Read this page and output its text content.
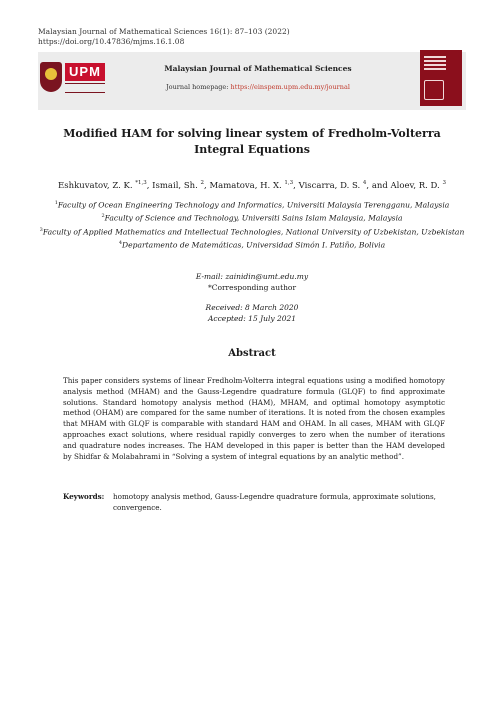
Malaysian Journal of Mathematical Sciences 16(1): 87–103 (2022)
https://doi.org/10.47836/mjms.16.1.08
UPM	Malaysian Journal of Mathematical Sciences
Journal homepage: https://einspem.upm.edu.my/journal
Modified HAM for solving linear system of Fredholm-Volterra Integral Equations
Eshkuvatov, Z. K. $^{*1,3}$, Ismail, Sh. $^2$, Mamatova, H. X. $^{1,3}$, Viscarra, D. S. $^4$, and Aloev, R. D. $^3$
$^1$Faculty of Ocean Engineering Technology and Informatics, Universiti Malaysia Terengganu, Malaysia
$^2$Faculty of Science and Technology, Universiti Sains Islam Malaysia, Malaysia
$^3$Faculty of Applied Mathematics and Intellectual Technologies, National University of Uzbekistan, Uzbekistan
$^4$Departamento de Matemáticas, Universidad Simón I. Patiño, Bolivia
E-mail: zainidin@umt.edu.my
*Corresponding author
Received: 8 March 2020
Accepted: 15 July 2021
Abstract
This paper considers systems of linear Fredholm-Volterra integral equations using a modified homotopy analysis method (MHAM) and the Gauss-Legendre quadrature formula (GLQF) to find approximate solutions. Standard homotopy analysis method (HAM), MHAM, and optimal homotopy asymptotic method (OHAM) are compared for the same number of iterations. It is noted from the chosen examples that MHAM with GLQF is comparable with standard HAM and OHAM. In all cases, MHAM with GLQF approaches exact solutions, where residual rapidly converges to zero when the number of iterations and quadrature nodes increases. The HAM developed in this paper is better than the HAM developed by Shidfar & Molabahrami in “Solving a system of integral equations by an analytic method”.
Keywords:	homotopy analysis method, Gauss-Legendre quadrature formula, approximate solutions, convergence.
